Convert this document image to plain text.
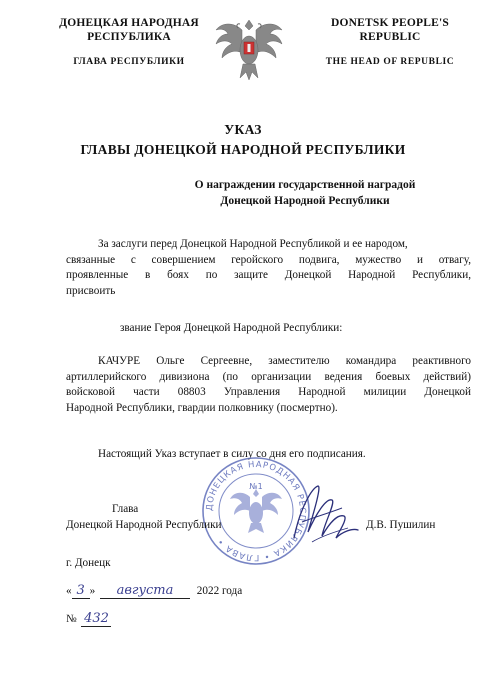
ДОНЕЦКАЯ НАРОДНАЯ
РЕСПУБЛИКА
ГЛАВА РЕСПУБЛИКИ
DONETSK PEOPLE'S
REPUBLIC
THE HEAD OF REPUBLIC
УКАЗ
ГЛАВЫ ДОНЕЦКОЙ НАРОДНОЙ РЕСПУБЛИКИ
О награждении государственной наградой
Донецкой Народной Республики
За заслуги перед Донецкой Народной Республикой и ее народом,
связанные с совершением геройского подвига, мужество и отвагу,
проявленные в боях по защите Донецкой Народной Республики,
присвоить
звание Героя Донецкой Народной Республики:
КАЧУРЕ Ольге Сергеевне, заместителю командира реактивного
артиллерийского дивизиона (по организации ведения боевых действий)
войсковой части 08803 Управления Народной милиции Донецкой
Народной Республики, гвардии полковнику (посмертно).
Настоящий Указ вступает в силу со дня его подписания.
ДОНЕЦКАЯ НАРОДНАЯ РЕСПУБЛИКА • ГЛАВА •
№1
Глава
Донецкой Народной Республики	Д.В. Пушилин
г. Донецк
« 3 » августа 2022 года
№ 432
